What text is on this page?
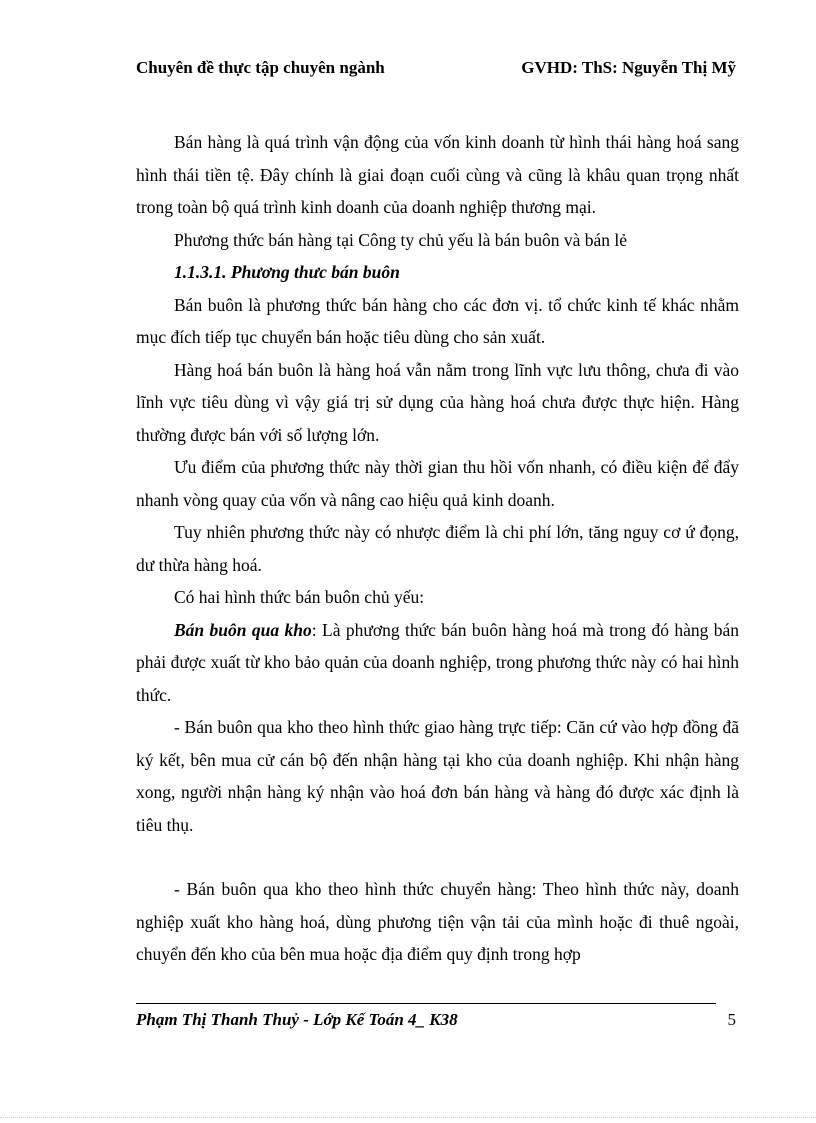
Chuyên đề thực tập chuyên ngành	GVHD: ThS: Nguyễn Thị Mỹ

Bán hàng là quá trình vận động của vốn kinh doanh từ hình thái hàng hoá sang hình thái tiền tệ. Đây chính là giai đoạn cuối cùng và cũng là khâu quan trọng nhất trong toàn bộ quá trình kinh doanh của doanh nghiệp thương mại.

Phương thức bán hàng tại Công ty chủ yếu là bán buôn và bán lẻ

1.1.3.1. Phương thưc bán buôn

Bán buôn là phương thức bán hàng cho các đơn vị. tổ chức kinh tế khác nhằm mục đích tiếp tục chuyển bán hoặc tiêu dùng cho sản xuất.

Hàng hoá bán buôn là hàng hoá vẫn nằm trong lĩnh vực lưu thông, chưa đi vào lĩnh vực tiêu dùng vì vậy giá trị sử dụng của hàng hoá chưa được thực hiện. Hàng thường được bán với số lượng lớn.

Ưu điểm của phương thức này thời gian thu hồi vốn nhanh, có điều kiện để đẩy nhanh vòng quay của vốn và nâng cao hiệu quả kinh doanh.

Tuy nhiên phương thức này có nhược điểm là chi phí lớn, tăng nguy cơ ứ đọng, dư thừa hàng hoá.

Có hai hình thức bán buôn chủ yếu:

Bán buôn qua kho: Là phương thức bán buôn hàng hoá mà trong đó hàng bán phải được xuất từ kho bảo quản của doanh nghiệp, trong phương thức này có hai hình thức.

- Bán buôn qua kho theo hình thức giao hàng trực tiếp: Căn cứ vào hợp đồng đã ký kết, bên mua cử cán bộ đến nhận hàng tại kho của doanh nghiệp. Khi nhận hàng xong, người nhận hàng ký nhận vào hoá đơn bán hàng và hàng đó được xác định là tiêu thụ.

- Bán buôn qua kho theo hình thức chuyển hàng: Theo hình thức này, doanh nghiệp xuất kho hàng hoá, dùng phương tiện vận tải của mình hoặc đi thuê ngoài, chuyển đến kho của bên mua hoặc địa điểm quy định trong hợp

Phạm Thị Thanh Thuỷ - Lớp Kế Toán 4_ K38	5
